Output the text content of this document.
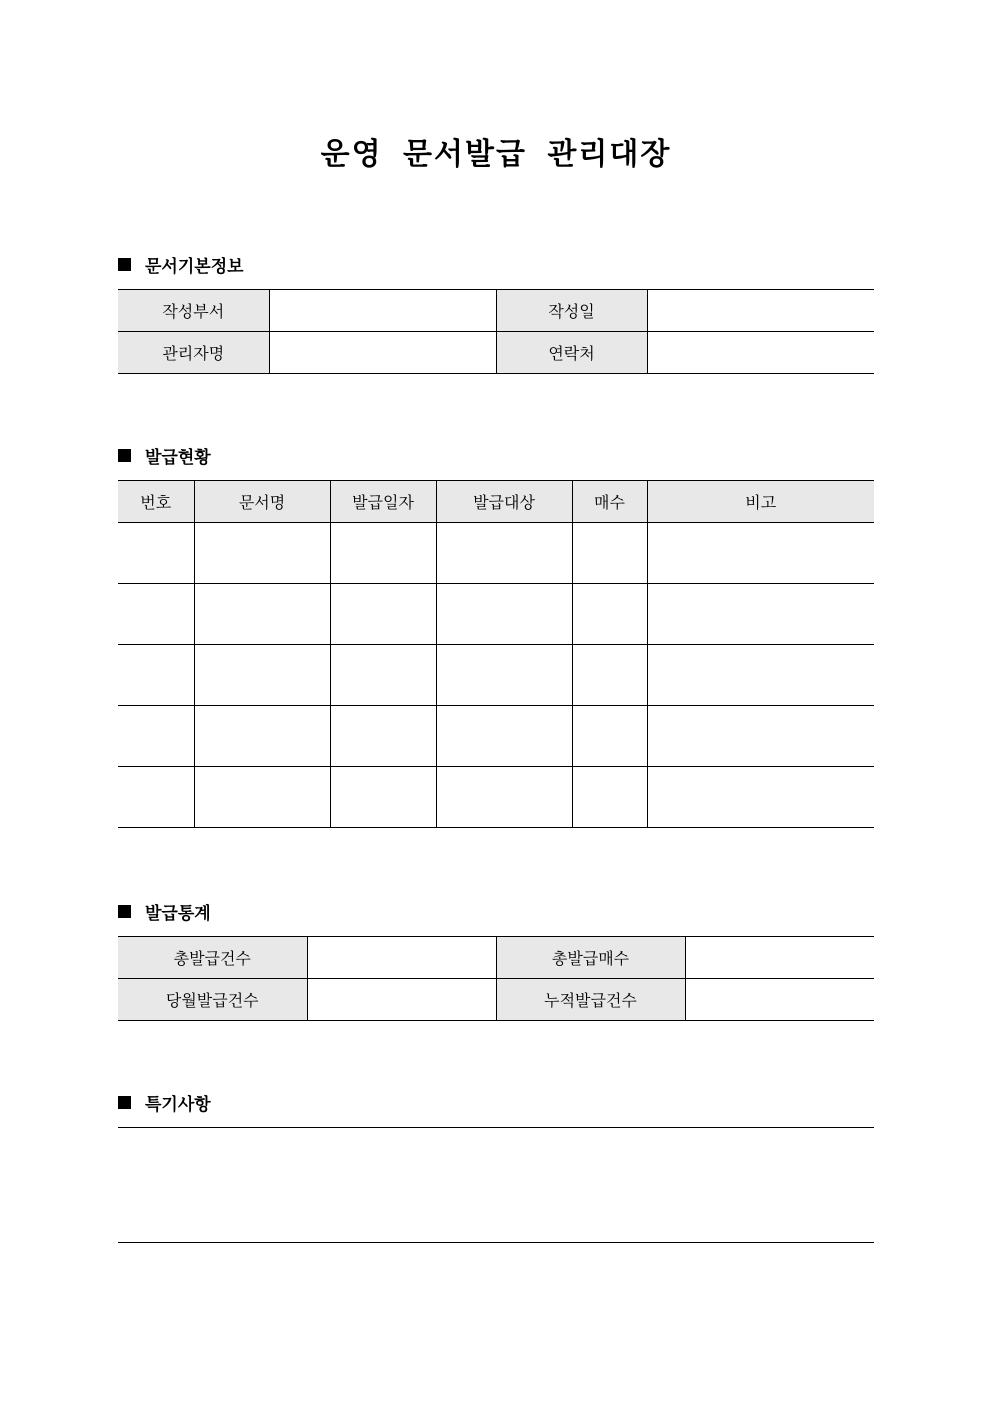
운영 문서발급 관리대장
문서기본정보
작성부서		작성일	
관리자명		연락처	
발급현황
번호	문서명	발급일자	발급대상	매수	비고

발급통계
총발급건수		총발급매수	
당월발급건수		누적발급건수	
특기사항
